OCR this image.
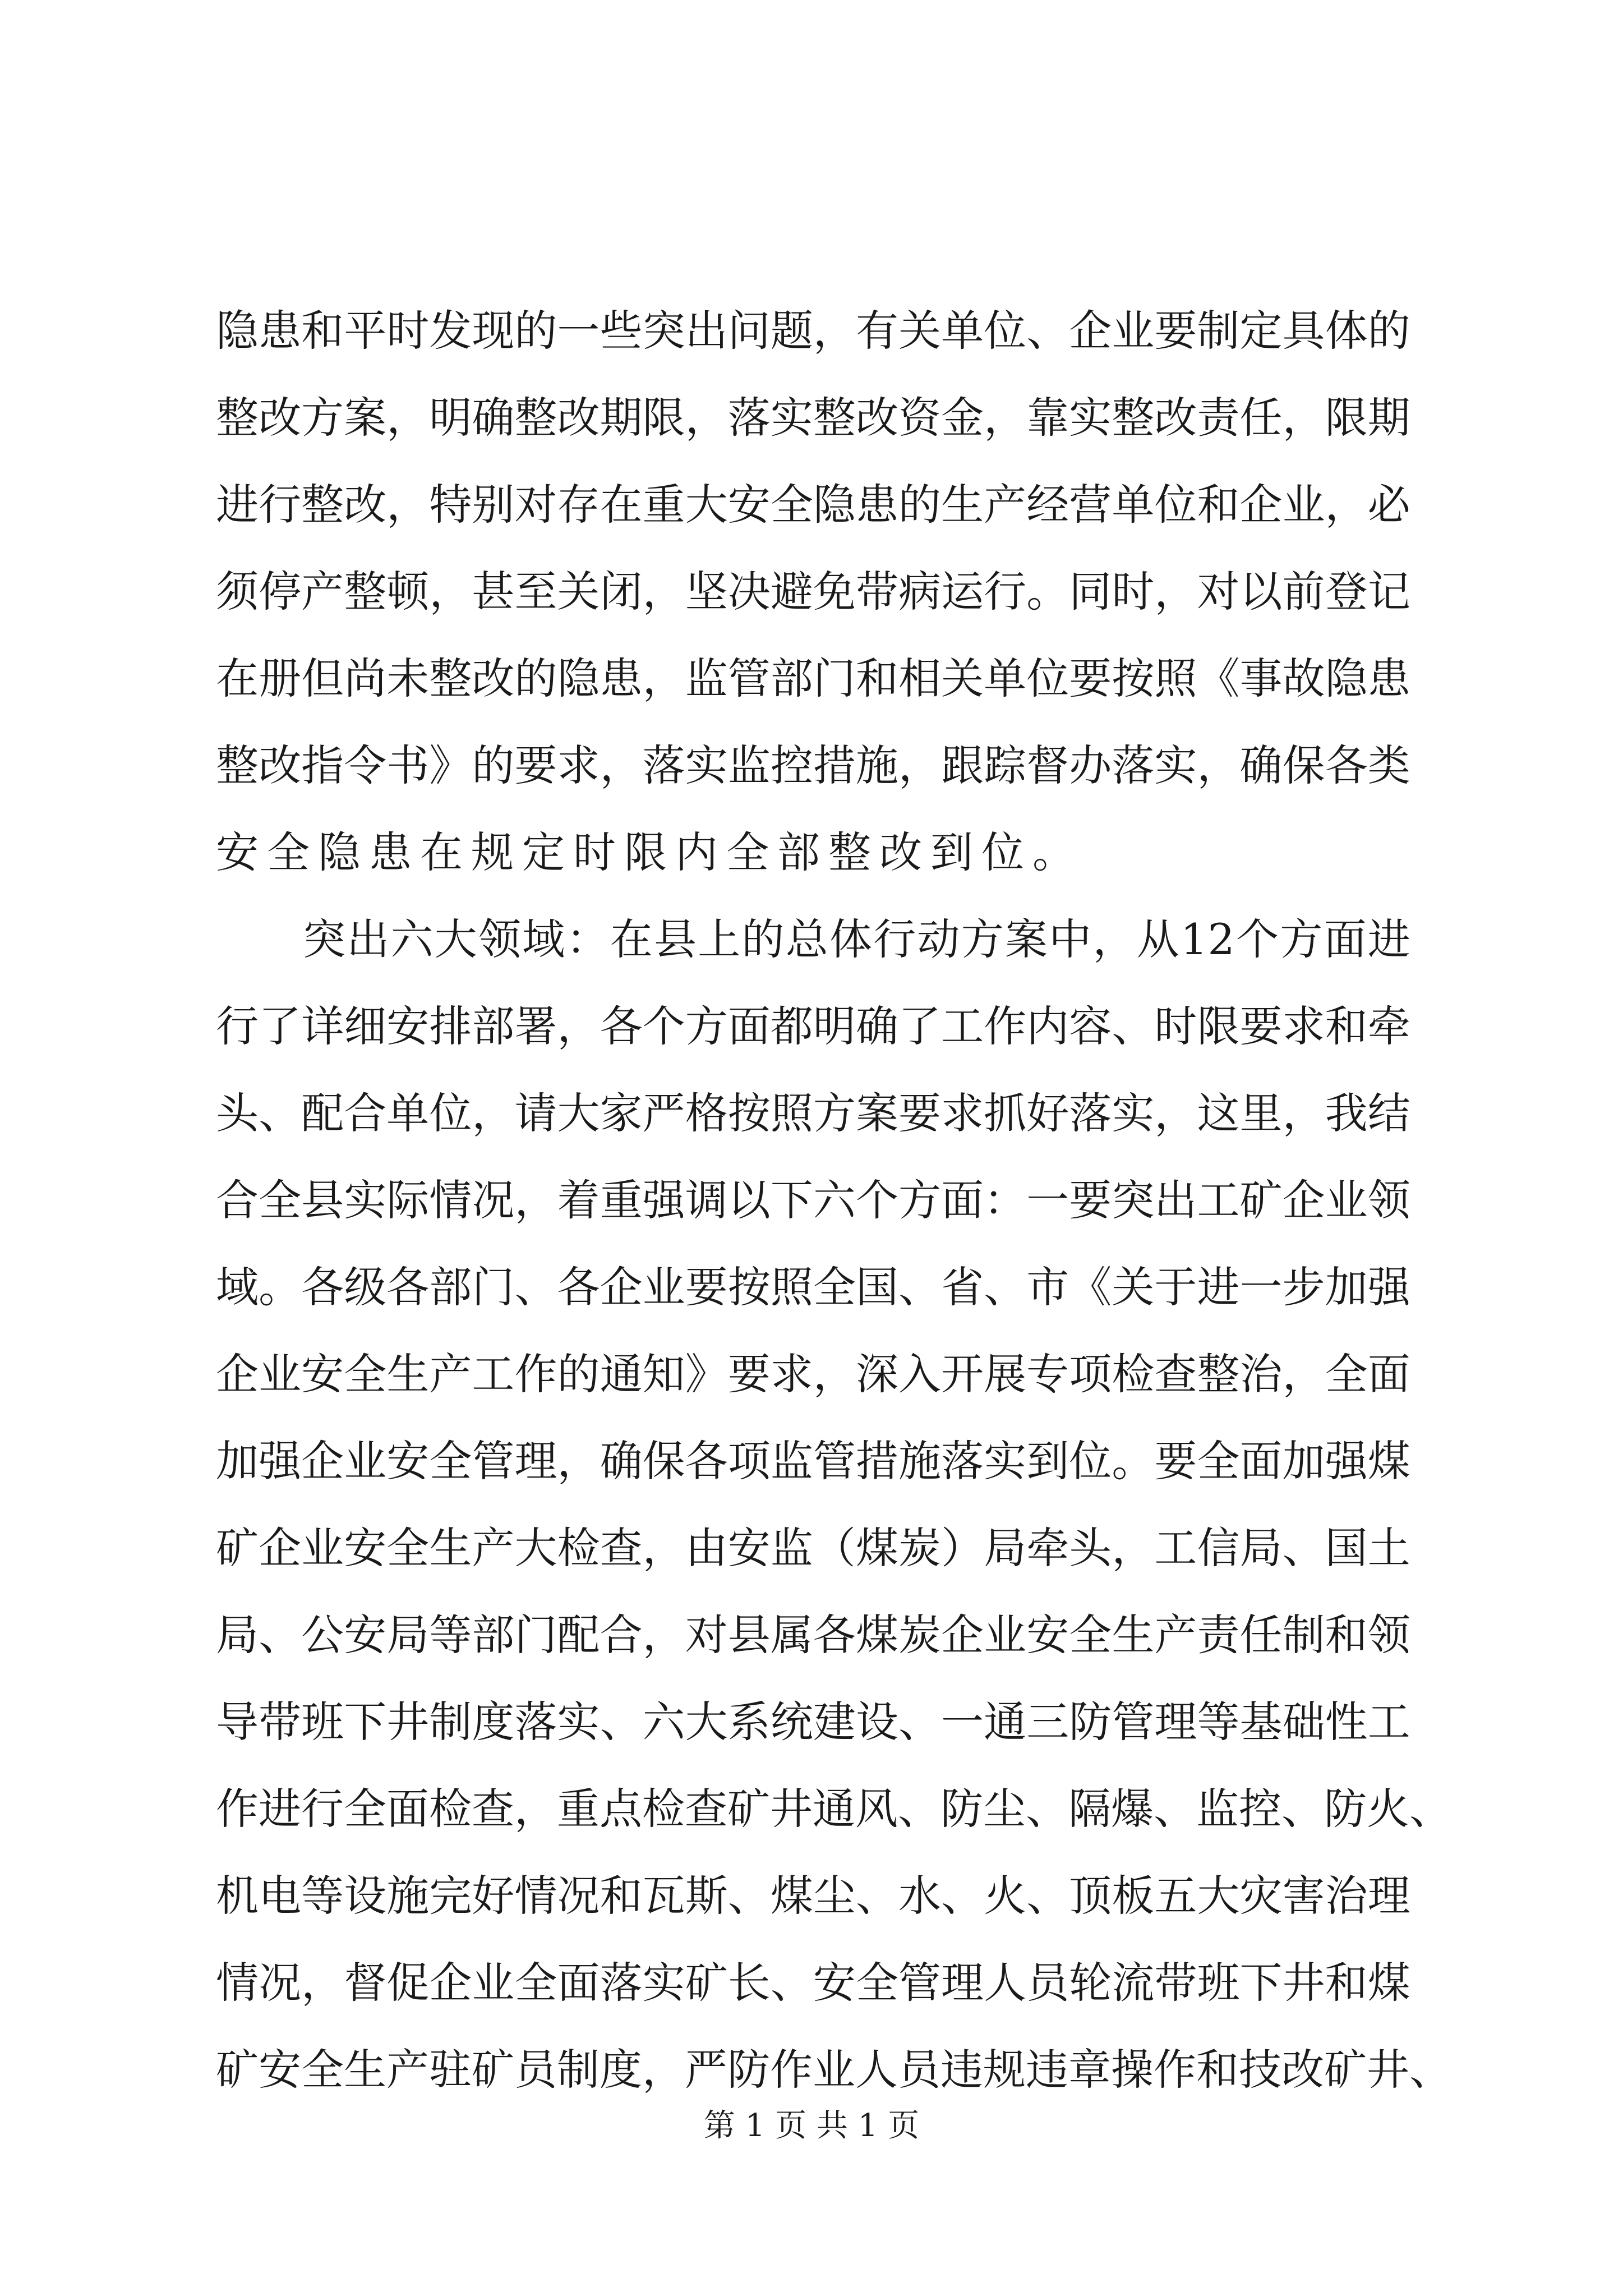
隐 患 和 平 时 发 现 的 一 些 突 出 问 题 ， 有 关 单 位 、 企 业 要 制 定 具 体 的
整 改 方 案 ， 明 确 整 改 期 限 ， 落 实 整 改 资 金 ， 靠 实 整 改 责 任 ， 限 期
进 行 整 改 ， 特 别 对 存 在 重 大 安 全 隐 患 的 生 产 经 营 单 位 和 企 业 ， 必
须 停 产 整 顿 ， 甚 至 关 闭 ， 坚 决 避 免 带 病 运 行 。 同 时 ， 对 以 前 登 记
在 册 但 尚 未 整 改 的 隐 患 ， 监 管 部 门 和 相 关 单 位 要 按 照 《 事 故 隐 患
整 改 指 令 书 》 的 要 求 ， 落 实 监 控 措 施 ， 跟 踪 督 办 落 实 ， 确 保 各 类
安全隐患在规定时限内全部整改到位。
突 出 六 大 领 域 ： 在 县 上 的 总 体 行 动 方 案 中 ， 从 12 个 方 面 进
行 了 详 细 安 排 部 署 ， 各 个 方 面 都 明 确 了 工 作 内 容 、 时 限 要 求 和 牵
头 、 配 合 单 位 ， 请 大 家 严 格 按 照 方 案 要 求 抓 好 落 实 ， 这 里 ， 我 结
合 全 县 实 际 情 况 ， 着 重 强 调 以 下 六 个 方 面 ： 一 要 突 出 工 矿 企 业 领
域 。 各 级 各 部 门 、 各 企 业 要 按 照 全 国 、 省 、 市 《 关 于 进 一 步 加 强
企 业 安 全 生 产 工 作 的 通 知 》 要 求 ， 深 入 开 展 专 项 检 查 整 治 ， 全 面
加 强 企 业 安 全 管 理 ， 确 保 各 项 监 管 措 施 落 实 到 位 。 要 全 面 加 强 煤
矿 企 业 安 全 生 产 大 检 查 ， 由 安 监 （ 煤 炭 ） 局 牵 头 ， 工 信 局 、 国 土
局 、 公 安 局 等 部 门 配 合 ， 对 县 属 各 煤 炭 企 业 安 全 生 产 责 任 制 和 领
导 带 班 下 井 制 度 落 实 、 六 大 系 统 建 设 、 一 通 三 防 管 理 等 基 础 性 工
作 进 行 全 面 检 查 ， 重 点 检 查 矿 井 通 风 、 防 尘 、 隔 爆 、 监 控 、 防 火 、
机 电 等 设 施 完 好 情 况 和 瓦 斯 、 煤 尘 、 水 、 火 、 顶 板 五 大 灾 害 治 理
情 况 ， 督 促 企 业 全 面 落 实 矿 长 、 安 全 管 理 人 员 轮 流 带 班 下 井 和 煤
矿 安 全 生 产 驻 矿 员 制 度 ， 严 防 作 业 人 员 违 规 违 章 操 作 和 技 改 矿 井 、
第 1 页 共 1 页
